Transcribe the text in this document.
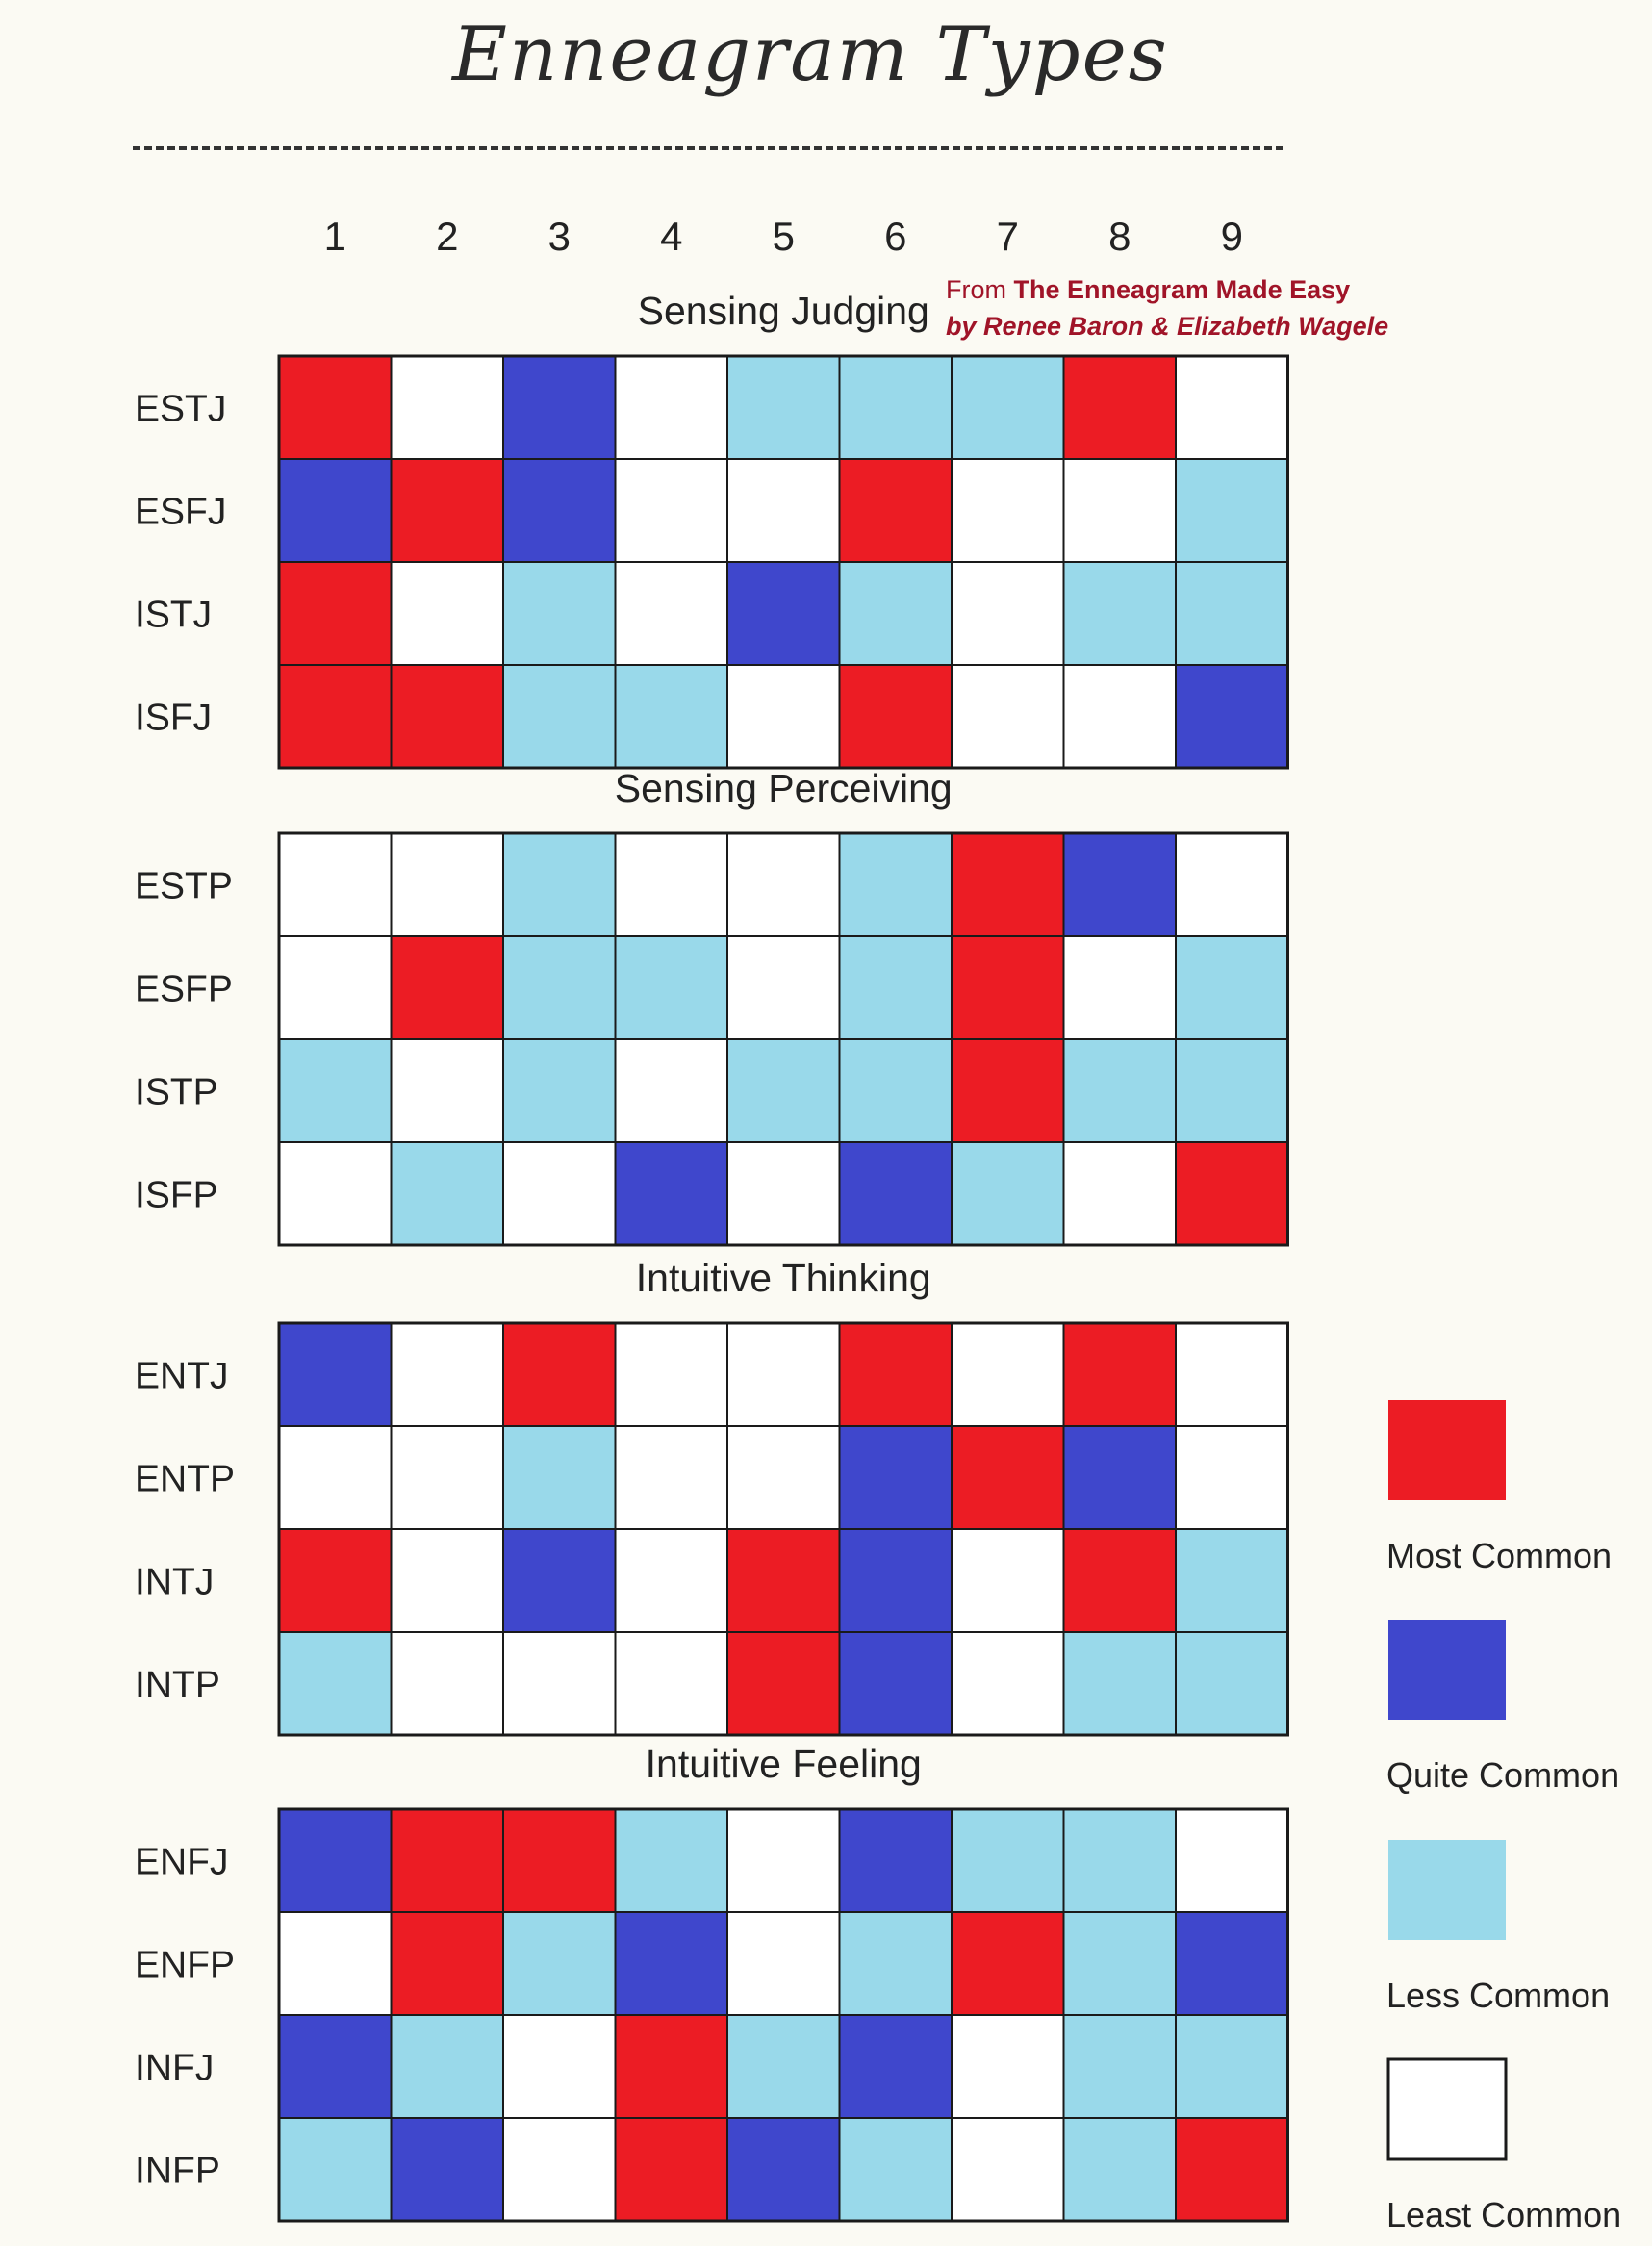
Enneagram Types
From The Enneagram Made Easy
by Renee Baron & Elizabeth Wagele
1 2 3 4 5 6 7 8 9
Sensing Judging
ESTJ
ESFJ
ISTJ
ISFJ
Sensing Perceiving
ESTP
ESFP
ISTP
ISFP
Intuitive Thinking
ENTJ
ENTP
INTJ
INTP
Intuitive Feeling
ENFJ
ENFP
INFJ
INFP
Most Common
Quite Common
Less Common
Least Common
